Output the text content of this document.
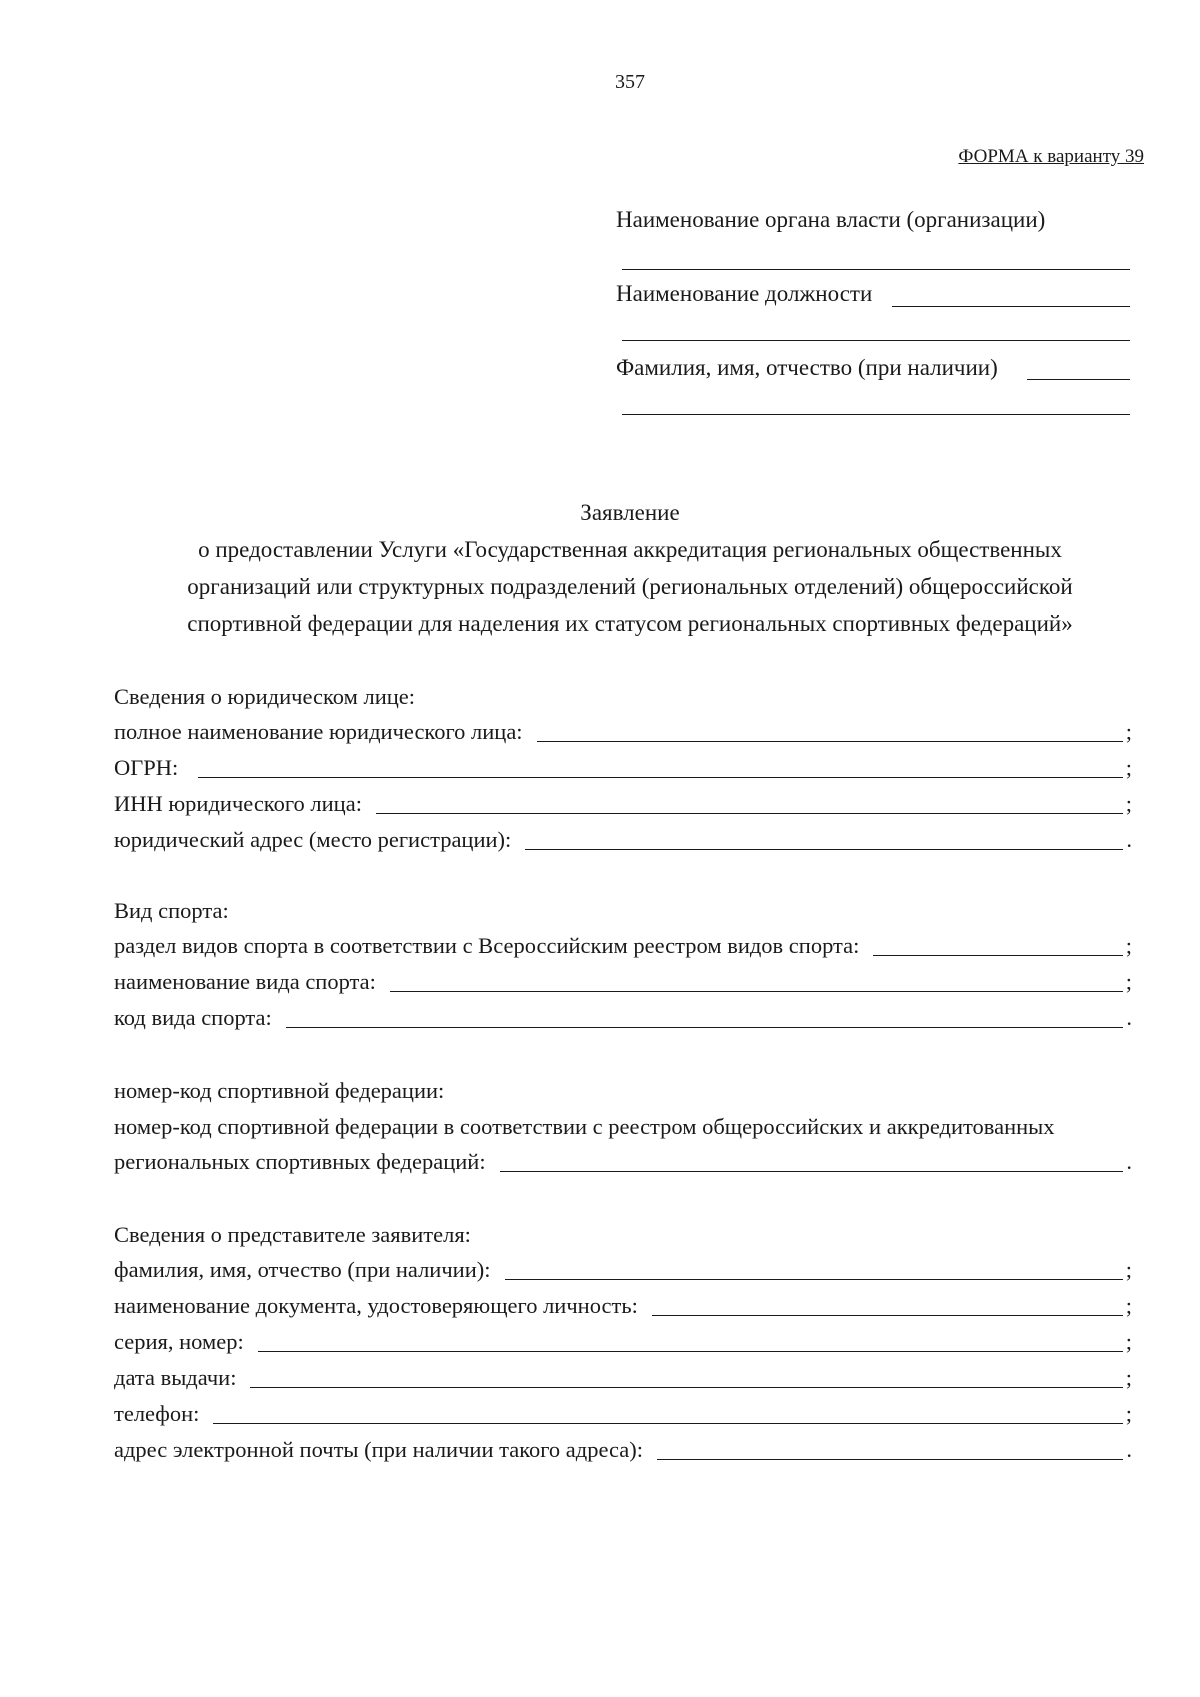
357
ФОРМА к варианту 39
Наименование органа власти (организации)
Наименование должности
Фамилия, имя, отчество (при наличии)
Заявление
о предоставлении Услуги «Государственная аккредитация региональных общественных
организаций или структурных подразделений (региональных отделений) общероссийской
спортивной федерации для наделения их статусом региональных спортивных федераций»
Сведения о юридическом лице:
полное наименование юридического лица:	;
ОГРН:	;
ИНН юридического лица:	;
юридический адрес (место регистрации):	.
Вид спорта:
раздел видов спорта в соответствии с Всероссийским реестром видов спорта:	;
наименование вида спорта:	;
код вида спорта:	.
номер-код спортивной федерации:
номер-код спортивной федерации в соответствии с реестром общероссийских и аккредитованных
региональных спортивных федераций:	.
Сведения о представителе заявителя:
фамилия, имя, отчество (при наличии):	;
наименование документа, удостоверяющего личность:	;
серия, номер:	;
дата выдачи:	;
телефон:	;
адрес электронной почты (при наличии такого адреса):	.
